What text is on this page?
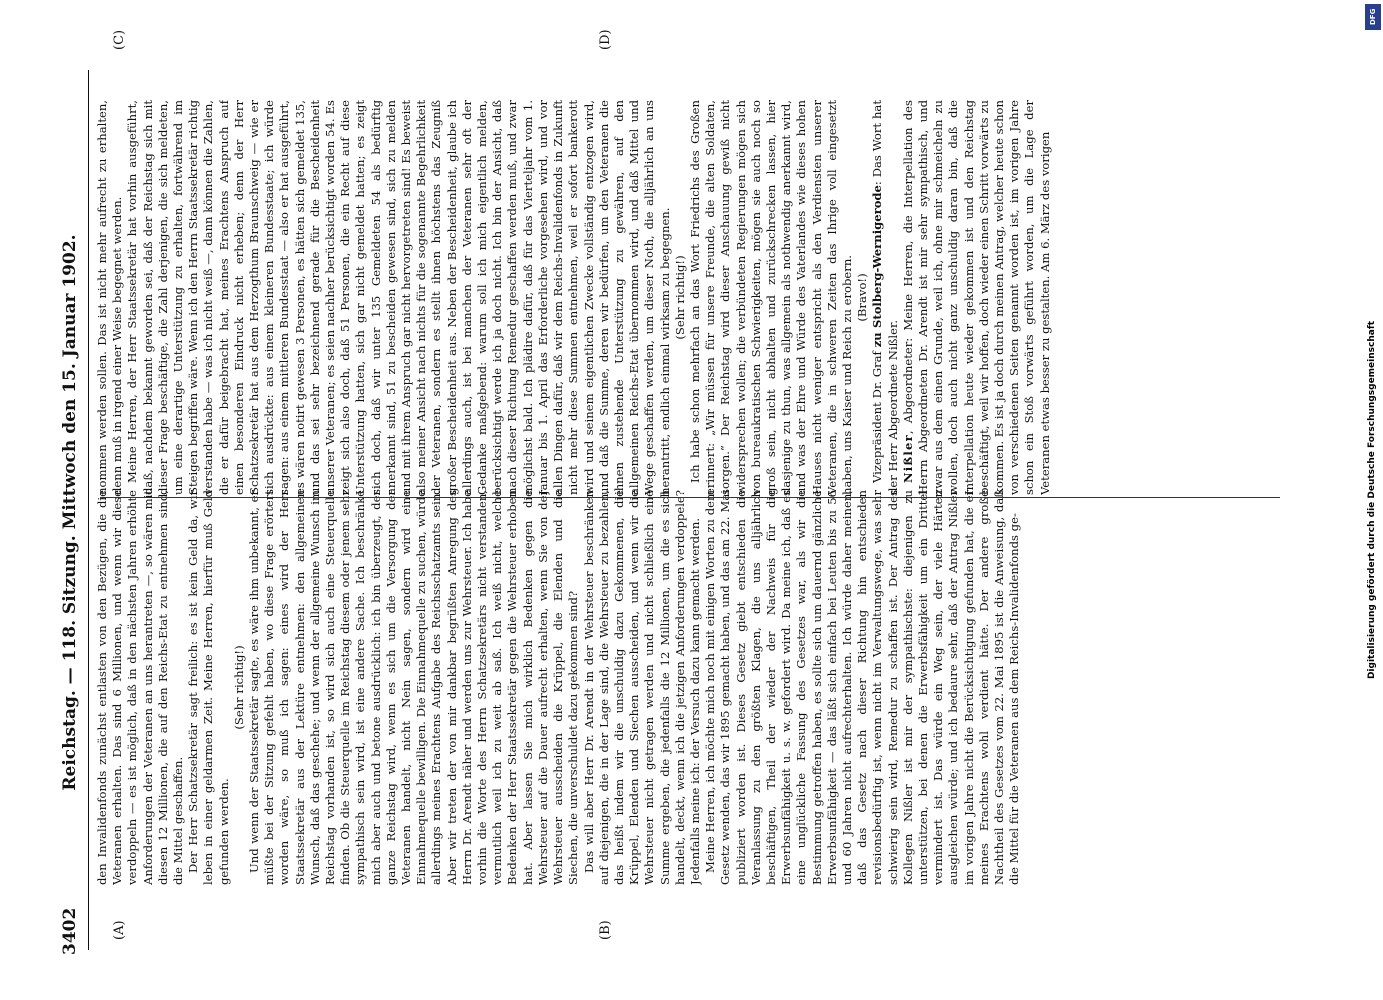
3402
Reichstag. — 118. Sitzung. Mittwoch den 15. Januar 1902.
(A)	(B)
(C)	(D)

den Invalidenfonds zunächst entlasten von den Bezügen, die die Veteranen erhalten. Das sind 6 Millionen, und wenn wir diese verdoppeln — es ist möglich, daß in den nächsten Jahren erhöhte Anforderungen der Veteranen an uns herantreten —, so wären mit diesen 12 Millionen, die auf den Reichs-Etat zu entnehmen sind, die Mittel geschaffen. Der Herr Schatzsekretär sagt freilich: es ist kein Geld da, wir leben in einer geldarmen Zeit. Meine Herren, hierfür muß Geld gefunden werden.

(Sehr richtig!) Und wenn der Staatssekretär sagte, es wäre ihm unbekannt, er müßte bei der Sitzung gefehlt haben, wo diese Frage erörtert worden wäre, so muß ich sagen: eines wird der Herr Staatssekretär aus der Lektüre entnehmen: den allgemeinen Wunsch, daß das geschehe; und wenn der allgemeine Wunsch im Reichstag vorhanden ist, so wird sich auch eine Steuerquelle finden. Ob die Steuerquelle im Reichstag diesem oder jenem sehr sympathisch sein wird, ist eine andere Sache. Ich beschränke mich aber auch und betone ausdrücklich: ich bin überzeugt, der ganze Reichstag wird, wenn es sich um die Versorgung der Veteranen handelt, nicht Nein sagen, sondern wird eine Einnahmequelle bewilligen. Die Einnahmequelle zu suchen, würde allerdings meines Erachtens Aufgabe des Reichsschatzamts sein. Aber wir treten der von mir dankbar begrüßten Anregung des Herrn Dr. Arendt näher und werden uns zur Wehrsteuer. Ich habe vorhin die Worte des Herrn Schatzsekretärs nicht verstanden, vermutlich weil ich zu weit ab saß. Ich weiß nicht, welche Bedenken der Herr Staatssekretär gegen die Wehrsteuer erhoben hat. Aber lassen Sie mich wirklich Bedenken gegen die Wehrsteuer auf die Dauer aufrecht erhalten, wenn Sie von der Wehrsteuer ausscheiden die Krüppel, die Elenden und die Siechen, die unverschuldet dazu gekommen sind? Das will aber Herr Dr. Arendt in der Wehrsteuer beschränken auf diejenigen, die in der Lage sind, die Wehrsteuer zu bezahlen, das heißt indem wir die unschuldig dazu Gekommenen, die Krüppel, Elenden und Siechen ausscheiden, und wenn wir die Wehrsteuer nicht getragen werden und nicht schließlich eine Summe ergeben, die jedenfalls die 12 Millionen, um die es sich handelt, deckt, wenn ich die jetzigen Anforderungen verdoppele? Jedenfalls meine ich: der Versuch dazu kann gemacht werden. Meine Herren, ich möchte mich noch mit einigen Worten zu dem Gesetz wenden, das wir 1895 gemacht haben, und das am 22. Mai publiziert worden ist. Dieses Gesetz giebt entschieden die Veranlassung zu den größten Klagen, die uns alljährlich beschäftigen, Theil der wieder der Nachweis für die Erwerbsunfähigkeit u. s. w. gefordert wird. Da meine ich, daß es eine unglückliche Fassung des Gesetzes war, als wir die Bestimmung getroffen haben, es sollte sich um dauernd gänzliche Erwerbsunfähigkeit — das läßt sich einfach bei Leuten bis zu 56 und 60 Jahren nicht aufrechterhalten. Ich würde daher meinen, daß das Gesetz nach dieser Richtung hin entschieden revisionsbedürftig ist, wenn nicht im Verwaltungswege, was sehr schwierig sein wird, Remedur zu schaffen ist. Der Antrag des Kollegen Nißler ist mir der sympathischste: diejenigen zu unterstützen, bei denen die Erwerbsfähigkeit um ein Drittel vermindert ist. Das würde ein Weg sein, der viele Härten ausgleichen würde; und ich bedaure sehr, daß der Antrag Nißler im vorigen Jahre nicht die Berücksichtigung gefunden hat, die er meines Erachtens wohl verdient hätte. Der andere große Nachtheil des Gesetzes vom 22. Mai 1895 ist die Anweisung, daß die Mittel für die Veteranen aus dem Reichs-Invalidenfonds ge-

nommen werden sollen. Das ist nicht mehr aufrecht zu erhalten, denn muß in irgend einer Weise begegnet werden. Meine Herren, der Herr Staatssekretär hat vorhin ausgeführt, daß, nachdem bekannt geworden sei, daß der Reichstag sich mit dieser Frage beschäftige, die Zahl derjenigen, die sich meldeten, um eine derartige Unterstützung zu erhalten, fortwährend im Steigen begriffen wäre. Wenn ich den Herrn Staatssekretär richtig verstanden habe — was ich nicht weiß —, dann können die Zahlen, die er dafür beigebracht hat, meines Erachtens Anspruch auf einen besonderen Eindruck nicht erheben; denn der Herr Schatzsekretär hat aus dem Herzogthum Braunschweig — wie er sich ausdrückte: aus einem kleineren Bundesstaate; ich würde sagen: aus einem mittleren Bundesstaat — also er hat ausgeführt, es wären notirt gewesen 3 Personen, es hätten sich gemeldet 135, und das sei sehr bezeichnend gerade für die Bescheidenheit unserer Veteranen; es seien nachher berücksichtigt worden 54. Es zeigt sich also doch, daß 51 Personen, die ein Recht auf diese Unterstützung hatten, sich gar nicht gemeldet hatten; es zeigt sich doch, daß wir unter 135 Gemeldeten 54 als bedürftig anerkannt sind, 51 zu bescheiden gewesen sind, sich zu melden und mit ihrem Anspruch gar nicht hervorgetreten sind! Es beweist also meiner Ansicht nach nichts für die sogenannte Begehrlichkeit der Veteranen, sondern es stellt ihnen höchstens das Zeugniß großer Bescheidenheit aus. Neben der Bescheidenheit, glaube ich allerdings auch, ist bei manchen der Veteranen sehr oft der Gedanke maßgebend: warum soll ich mich eigentlich melden, berücksichtigt werde ich ja doch nicht. Ich bin der Ansicht, daß nach dieser Richtung Remedur geschaffen werden muß, und zwar möglichst bald. Ich plädire dafür, daß für das Vierteljahr vom 1. Januar bis 1. April das Erforderliche vorgesehen wird, und vor allen Dingen dafür, daß wir dem Reichs-Invalidenfonds in Zukunft nicht mehr diese Summen entnehmen, weil er sofort bankerott wird und seinem eigentlichen Zwecke vollständig entzogen wird, und daß die Summe, deren wir bedürfen, um den Veteranen die ihnen zustehende Unterstützung zu gewähren, auf den allgemeinen Reichs-Etat übernommen wird, und daß Mittel und Wege geschaffen werden, um dieser Noth, die alljährlich an uns herantritt, endlich einmal wirksam zu begegnen. (Sehr richtig!) Ich habe schon mehrfach an das Wort Friedrichs des Großen erinnert: „Wir müssen für unsere Freunde, die alten Soldaten, sorgen.“ Der Reichstag wird dieser Anschauung gewiß nicht widersprechen wollen; die verbündeten Regierungen mögen sich von bureaukratischen Schwierigkeiten, mögen sie auch noch so groß sein, nicht abhalten und zurückschrecken lassen, hier dasjenige zu thun, was allgemein als nothwendig anerkannt wird, und was der Ehre und Würde des Vaterlandes wie dieses hohen Hauses nicht weniger entspricht als den Verdiensten unserer Veteranen, die in schweren Zeiten das Ihrige voll eingesetzt haben, uns Kaiser und Reich zu erobern. (Bravo!)

Vizepräsident Dr. Graf zu Stolberg-Wernigerode: Das Wort hat der Herr Abgeordnete Nißler. Nißler, Abgeordneter: Meine Herren, die Interpellation des Herrn Abgeordneten Dr. Arendt ist mir sehr sympathisch, und zwar aus dem einen Grunde, weil ich, ohne mir schmeicheln zu wollen, doch auch nicht ganz unschuldig daran bin, daß die Interpellation heute wieder gekommen ist und den Reichstag beschäftigt, weil wir hoffen, doch wieder einen Schritt vorwärts zu kommen. Es ist ja doch durch meinen Antrag, welcher heute schon von verschiedenen Seiten genannt worden ist, im vorigen Jahre schon ein Stoß vorwärts geführt worden, um die Lage der Veteranen etwas besser zu gestalten. Am 6. März des vorigen

Digitalisierung gefördert durch die Deutsche Forschungsgemeinschaft
DFG
